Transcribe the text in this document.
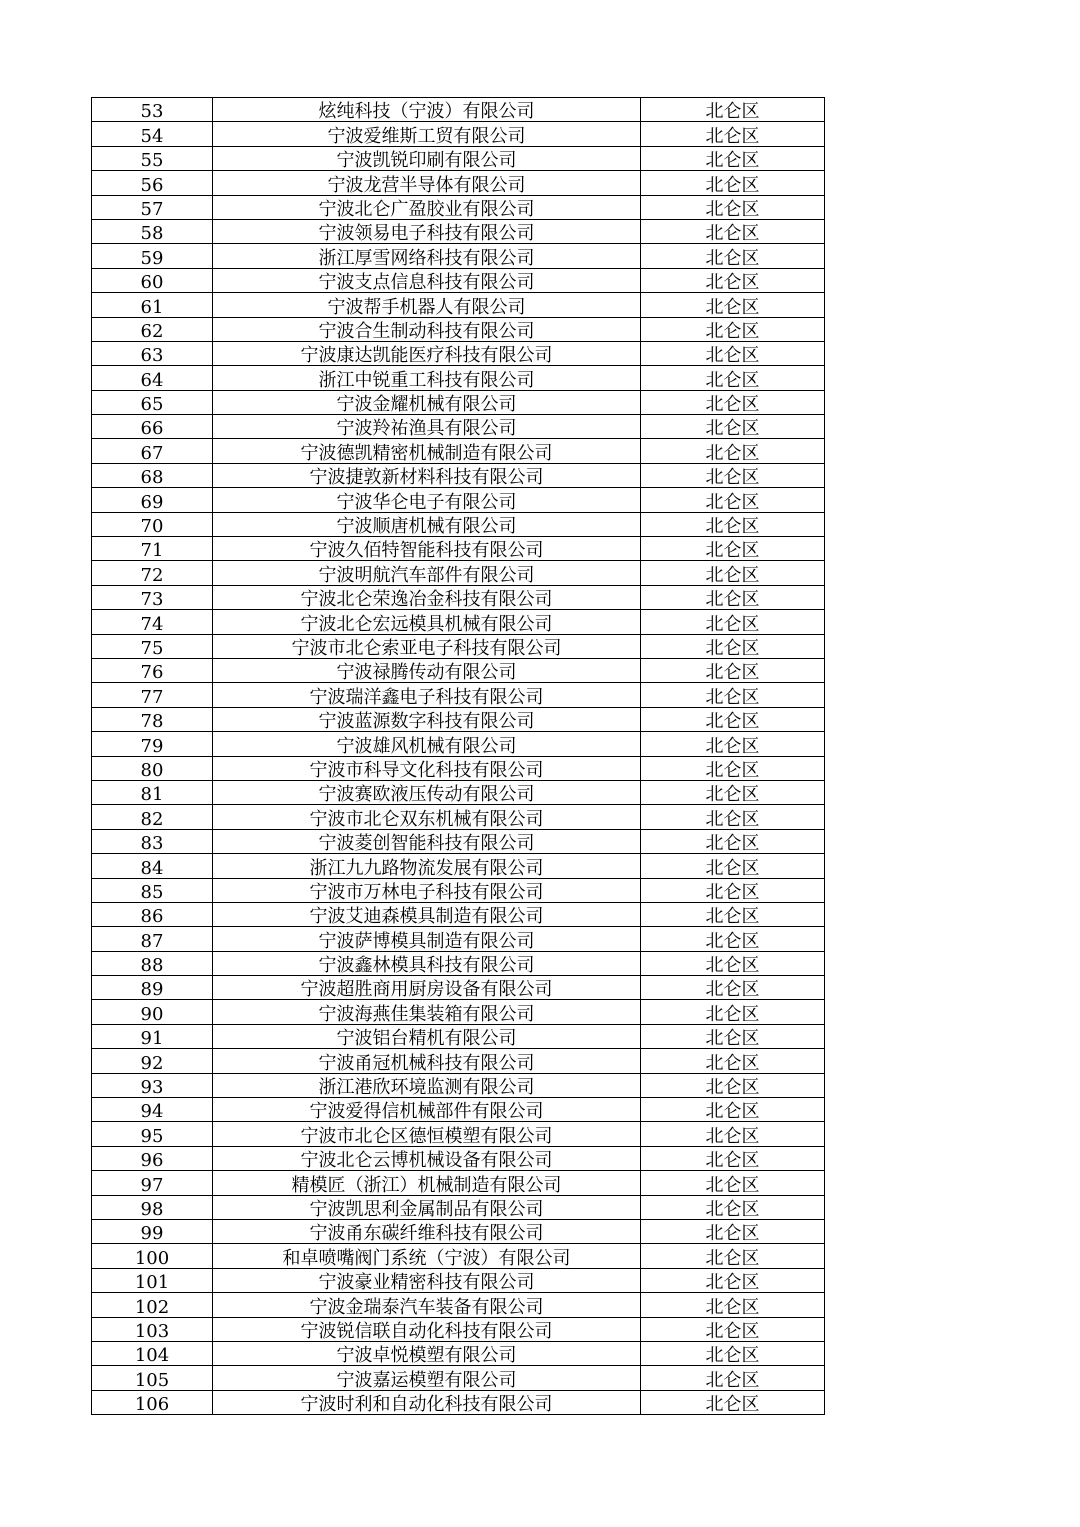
53	炫纯科技（宁波）有限公司	北仑区
54	宁波爱维斯工贸有限公司	北仑区
55	宁波凯锐印刷有限公司	北仑区
56	宁波龙营半导体有限公司	北仑区
57	宁波北仑广盈胶业有限公司	北仑区
58	宁波领易电子科技有限公司	北仑区
59	浙江厚雪网络科技有限公司	北仑区
60	宁波支点信息科技有限公司	北仑区
61	宁波帮手机器人有限公司	北仑区
62	宁波合生制动科技有限公司	北仑区
63	宁波康达凯能医疗科技有限公司	北仑区
64	浙江中锐重工科技有限公司	北仑区
65	宁波金耀机械有限公司	北仑区
66	宁波羚祐渔具有限公司	北仑区
67	宁波德凯精密机械制造有限公司	北仑区
68	宁波捷敦新材料科技有限公司	北仑区
69	宁波华仑电子有限公司	北仑区
70	宁波顺唐机械有限公司	北仑区
71	宁波久佰特智能科技有限公司	北仑区
72	宁波明航汽车部件有限公司	北仑区
73	宁波北仑荣逸冶金科技有限公司	北仑区
74	宁波北仑宏远模具机械有限公司	北仑区
75	宁波市北仑索亚电子科技有限公司	北仑区
76	宁波禄腾传动有限公司	北仑区
77	宁波瑞洋鑫电子科技有限公司	北仑区
78	宁波蓝源数字科技有限公司	北仑区
79	宁波雄风机械有限公司	北仑区
80	宁波市科导文化科技有限公司	北仑区
81	宁波赛欧液压传动有限公司	北仑区
82	宁波市北仑双东机械有限公司	北仑区
83	宁波菱创智能科技有限公司	北仑区
84	浙江九九路物流发展有限公司	北仑区
85	宁波市万林电子科技有限公司	北仑区
86	宁波艾迪森模具制造有限公司	北仑区
87	宁波萨博模具制造有限公司	北仑区
88	宁波鑫林模具科技有限公司	北仑区
89	宁波超胜商用厨房设备有限公司	北仑区
90	宁波海燕佳集装箱有限公司	北仑区
91	宁波铝台精机有限公司	北仑区
92	宁波甬冠机械科技有限公司	北仑区
93	浙江港欣环境监测有限公司	北仑区
94	宁波爱得信机械部件有限公司	北仑区
95	宁波市北仑区德恒模塑有限公司	北仑区
96	宁波北仑云博机械设备有限公司	北仑区
97	精模匠（浙江）机械制造有限公司	北仑区
98	宁波凯思利金属制品有限公司	北仑区
99	宁波甬东碳纤维科技有限公司	北仑区
100	和卓喷嘴阀门系统（宁波）有限公司	北仑区
101	宁波豪业精密科技有限公司	北仑区
102	宁波金瑞泰汽车装备有限公司	北仑区
103	宁波锐信联自动化科技有限公司	北仑区
104	宁波卓悦模塑有限公司	北仑区
105	宁波嘉运模塑有限公司	北仑区
106	宁波时利和自动化科技有限公司	北仑区
